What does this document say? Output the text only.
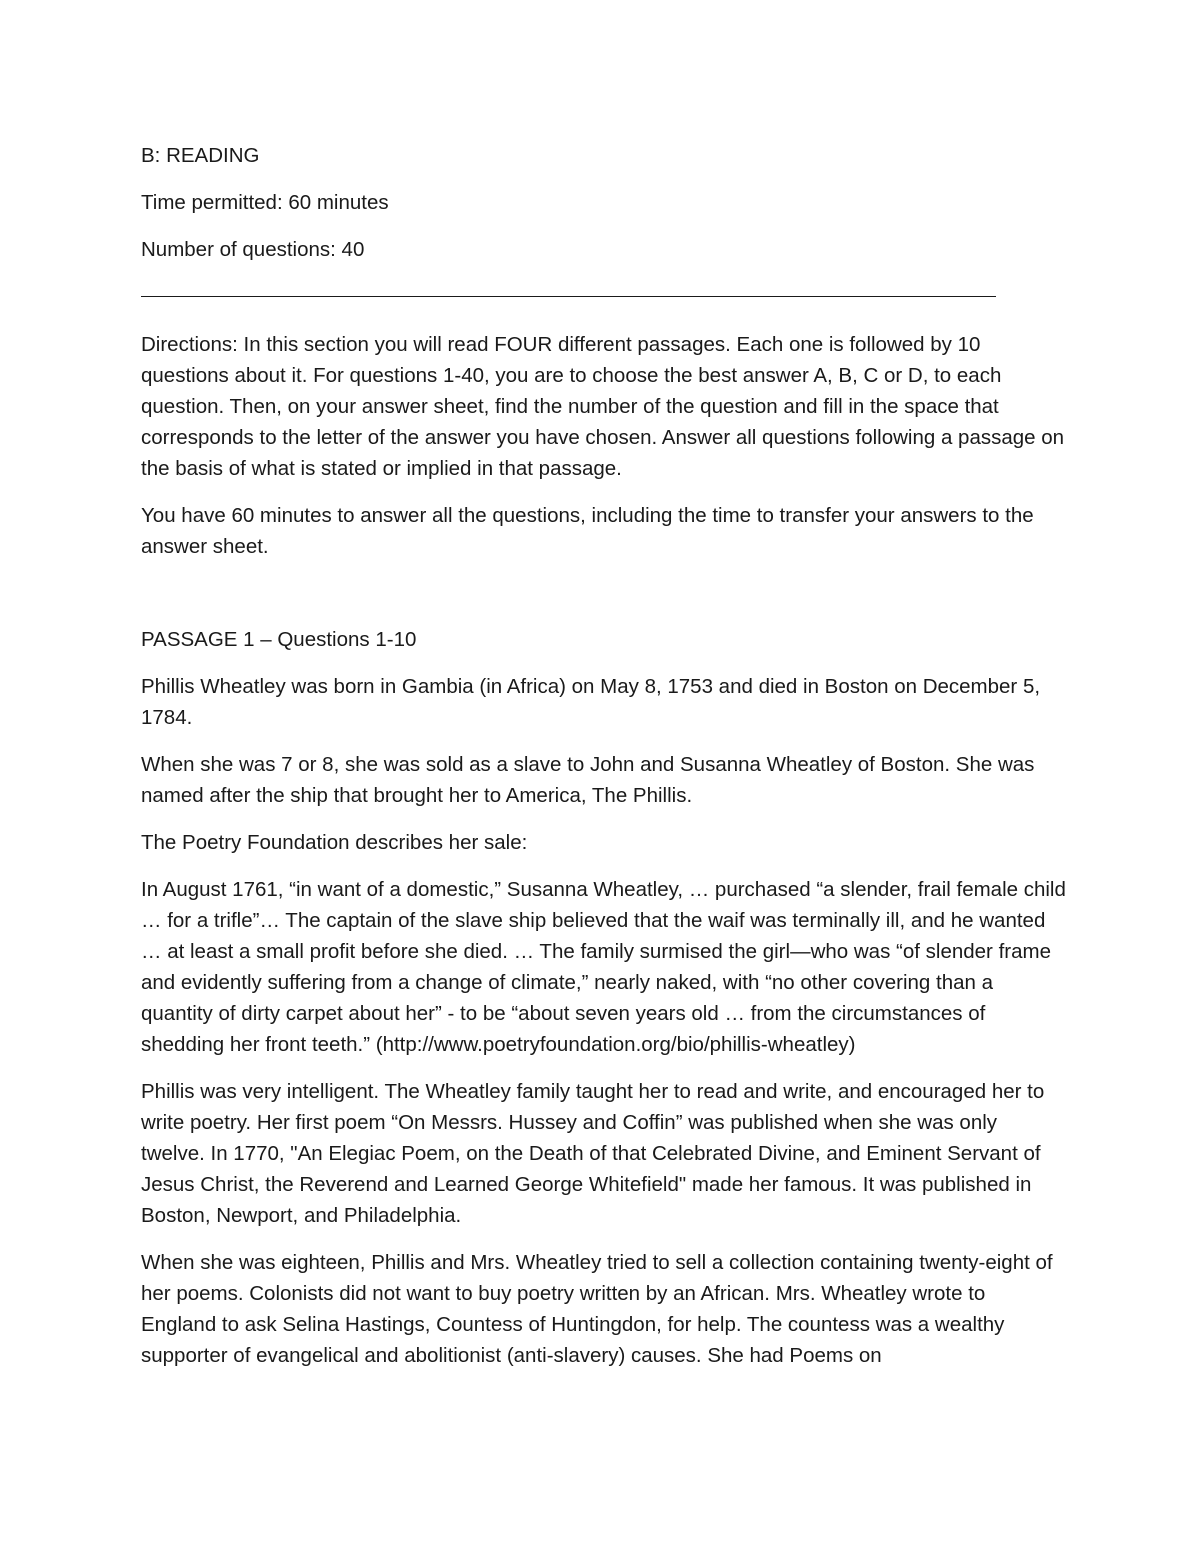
B: READING

Time permitted: 60 minutes

Number of questions: 40

Directions: In this section you will read FOUR different passages. Each one is followed by 10 questions about it. For questions 1-40, you are to choose the best answer A, B, C or D, to each question. Then, on your answer sheet, find the number of the question and fill in the space that corresponds to the letter of the answer you have chosen. Answer all questions following a passage on the basis of what is stated or implied in that passage.

You have 60 minutes to answer all the questions, including the time to transfer your answers to the answer sheet.

PASSAGE 1 – Questions 1-10

Phillis Wheatley was born in Gambia (in Africa) on May 8, 1753 and died in Boston on December 5, 1784.

When she was 7 or 8, she was sold as a slave to John and Susanna Wheatley of Boston. She was named after the ship that brought her to America, The Phillis.

The Poetry Foundation describes her sale:

In August 1761, “in want of a domestic,” Susanna Wheatley, … purchased “a slender, frail female child … for a trifle”… The captain of the slave ship believed that the waif was terminally ill, and he wanted … at least a small profit before she died. … The family surmised the girl—who was “of slender frame and evidently suffering from a change of climate,” nearly naked, with “no other covering than a quantity of dirty carpet about her” - to be “about seven years old … from the circumstances of shedding her front teeth.” (http://www.poetryfoundation.org/bio/phillis-wheatley)

Phillis was very intelligent. The Wheatley family taught her to read and write, and encouraged her to write poetry. Her first poem “On Messrs. Hussey and Coffin” was published when she was only twelve. In 1770, "An Elegiac Poem, on the Death of that Celebrated Divine, and Eminent Servant of Jesus Christ, the Reverend and Learned George Whitefield" made her famous. It was published in Boston, Newport, and Philadelphia.

When she was eighteen, Phillis and Mrs. Wheatley tried to sell a collection containing twenty-eight of her poems. Colonists did not want to buy poetry written by an African. Mrs. Wheatley wrote to England to ask Selina Hastings, Countess of Huntingdon, for help. The countess was a wealthy supporter of evangelical and abolitionist (anti-slavery) causes. She had Poems on
